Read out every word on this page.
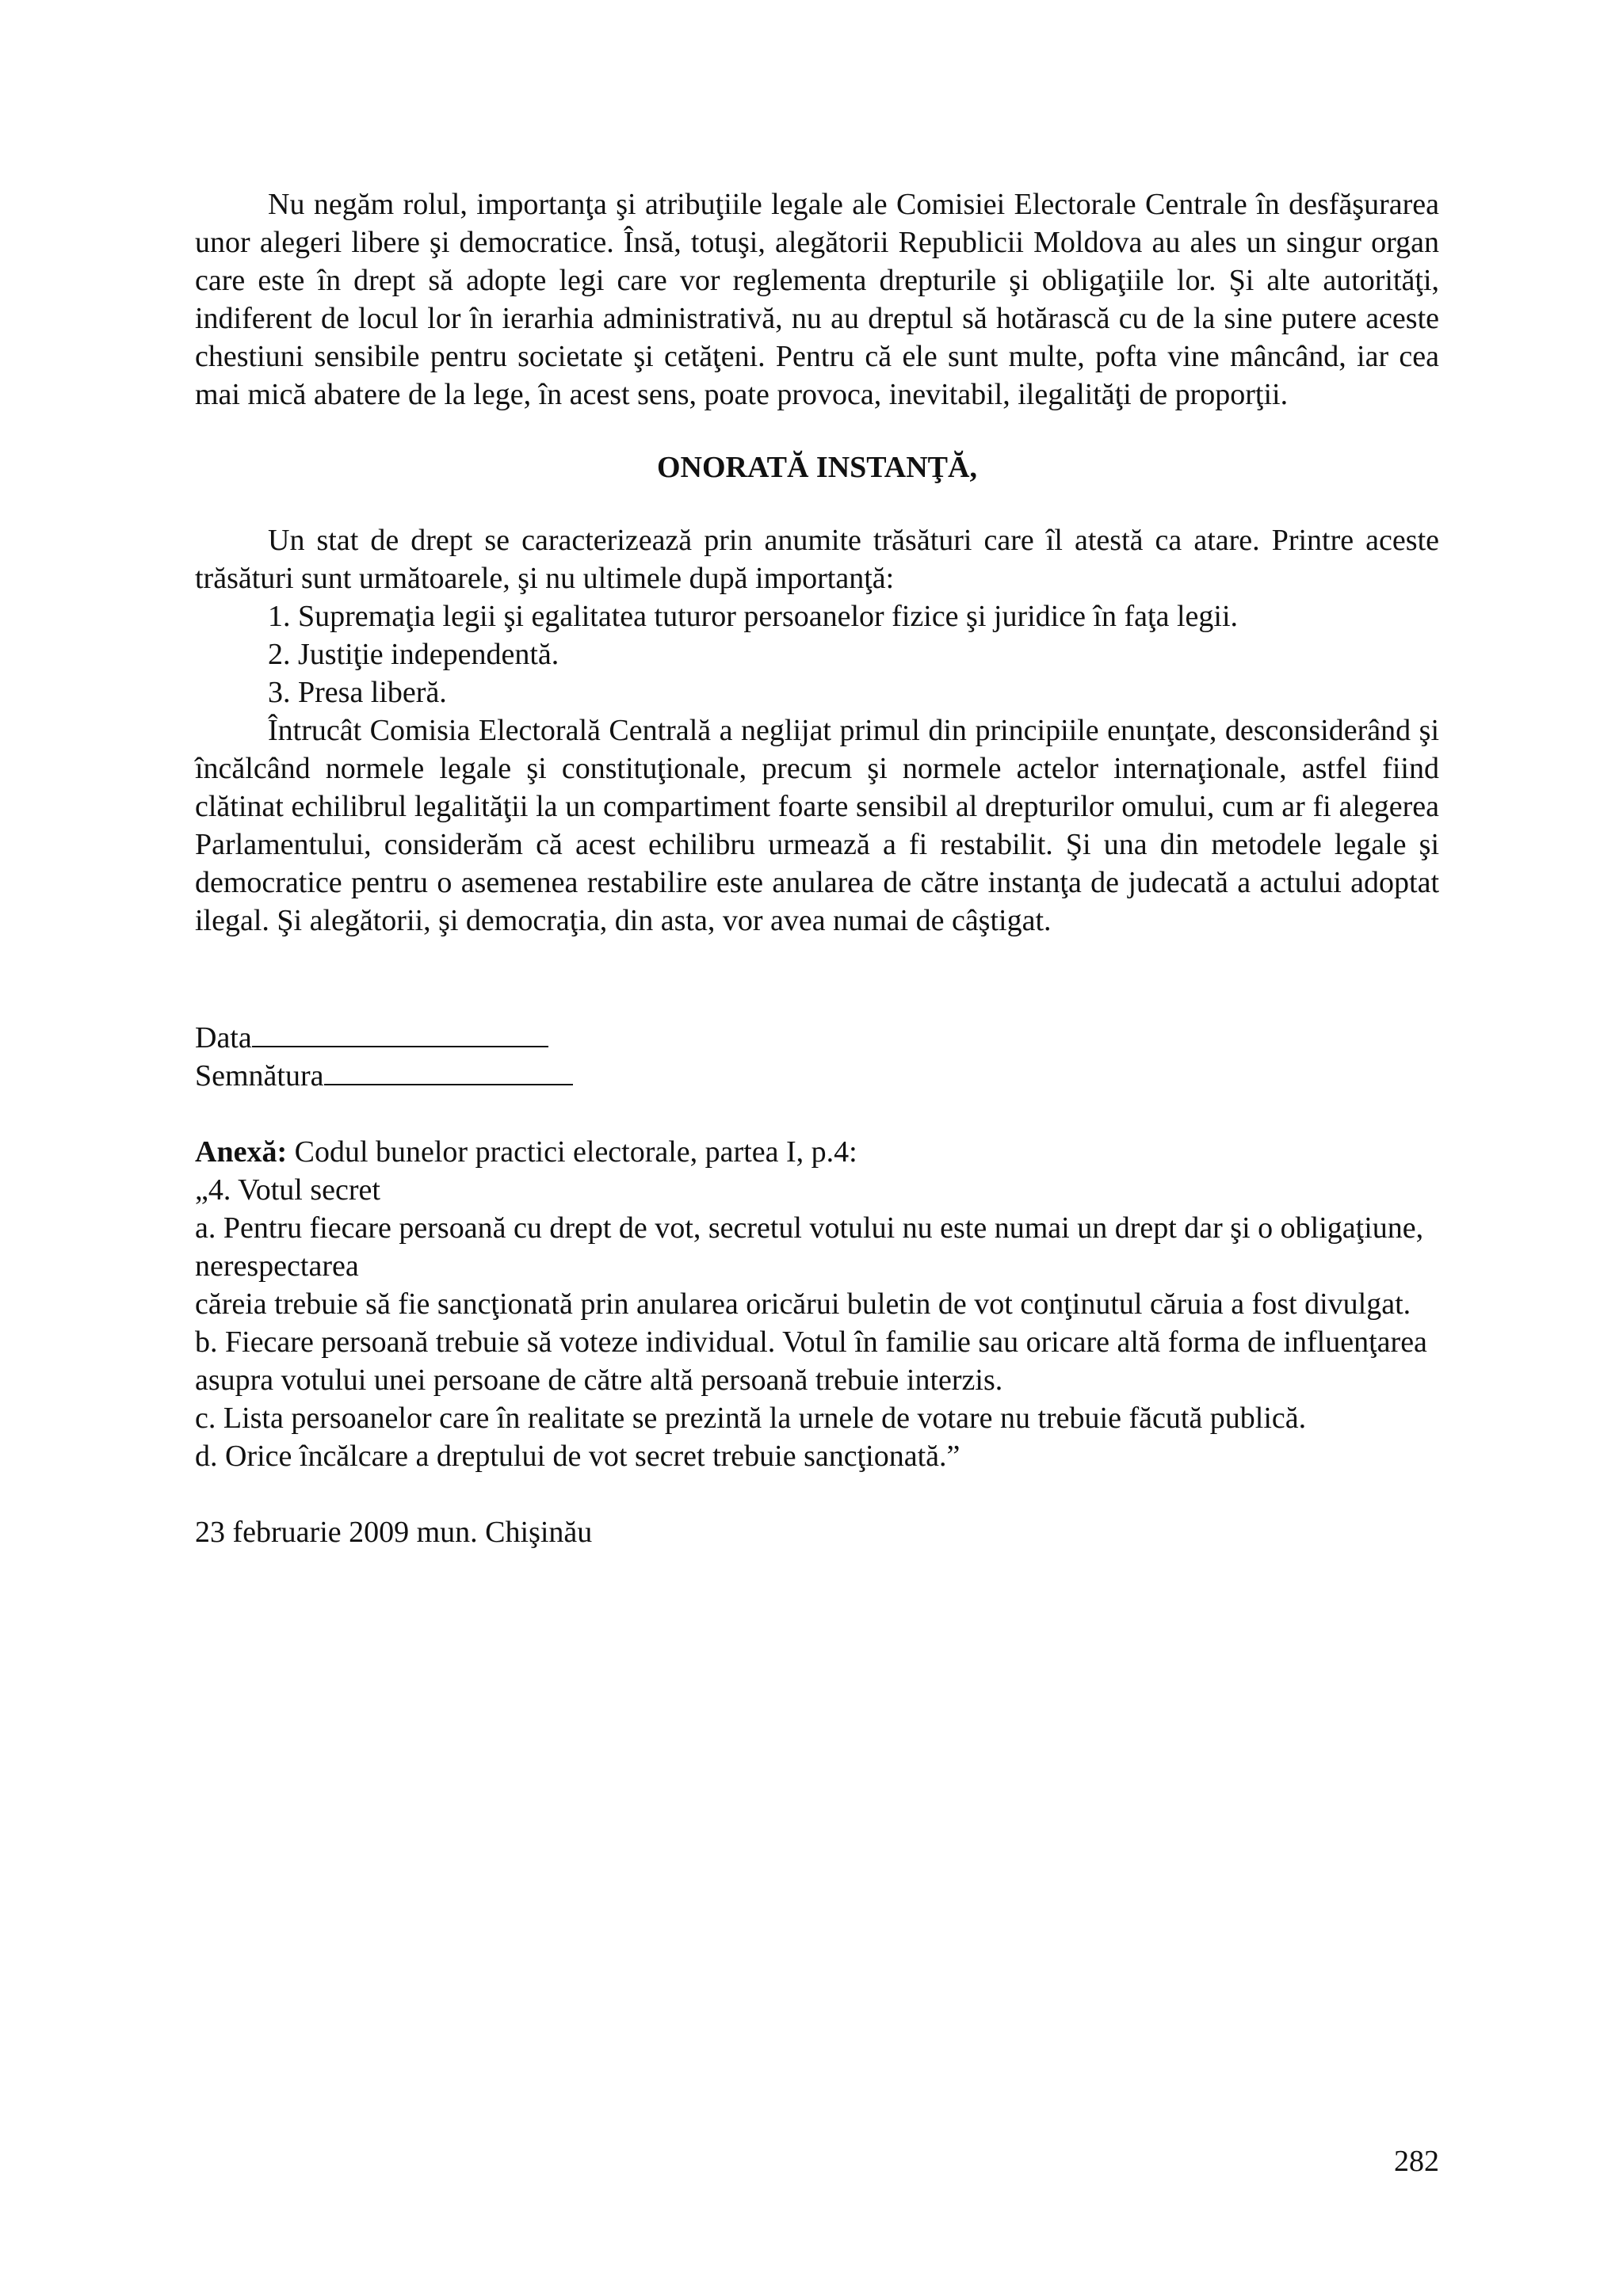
Nu negăm rolul, importanţa şi atribuţiile legale ale Comisiei Electorale Centrale în desfăşurarea unor alegeri libere şi democratice. Însă, totuşi, alegătorii Republicii Moldova au ales un singur organ care este în drept să adopte legi care vor reglementa drepturile şi obligaţiile lor. Şi alte autorităţi, indiferent de locul lor în ierarhia administrativă, nu au dreptul să hotărască cu de la sine putere aceste chestiuni sensibile pentru societate şi cetăţeni. Pentru că ele sunt multe, pofta vine mâncând, iar cea mai mică abatere de la lege, în acest sens, poate provoca, inevitabil, ilegalităţi de proporţii.

ONORATĂ INSTANŢĂ,

Un stat de drept se caracterizează prin anumite trăsături care îl atestă ca atare. Printre aceste trăsături sunt următoarele, şi nu ultimele după importanţă:

1. Supremaţia legii şi egalitatea tuturor persoanelor fizice şi juridice în faţa legii.

2. Justiţie independentă.

3. Presa liberă.

Întrucât Comisia Electorală Centrală a neglijat primul din principiile enunţate, desconsiderând şi încălcând normele legale şi constituţionale, precum şi normele actelor internaţionale, astfel fiind clătinat echilibrul legalităţii la un compartiment foarte sensibil al drepturilor omului, cum ar fi alegerea Parlamentului, considerăm că acest echilibru urmează a fi restabilit. Şi una din metodele legale şi democratice pentru o asemenea restabilire este anularea de către instanţa de judecată a actului adoptat ilegal. Şi alegătorii, şi democraţia, din asta, vor avea numai de câştigat.

Data
Semnătura

Anexă: Codul bunelor practici electorale, partea I, p.4:

„4. Votul secret

a. Pentru fiecare persoană cu drept de vot, secretul votului nu este numai un drept dar şi o obligaţiune, nerespectarea

căreia trebuie să fie sancţionată prin anularea oricărui buletin de vot conţinutul căruia a fost divulgat.

b. Fiecare persoană trebuie să voteze individual. Votul în familie sau oricare altă forma de influenţarea asupra votului unei persoane de către altă persoană trebuie interzis.

c. Lista persoanelor care în realitate se prezintă la urnele de votare nu trebuie făcută publică.

d. Orice încălcare a dreptului de vot secret trebuie sancţionată.”

23 februarie 2009 mun. Chişinău

282
